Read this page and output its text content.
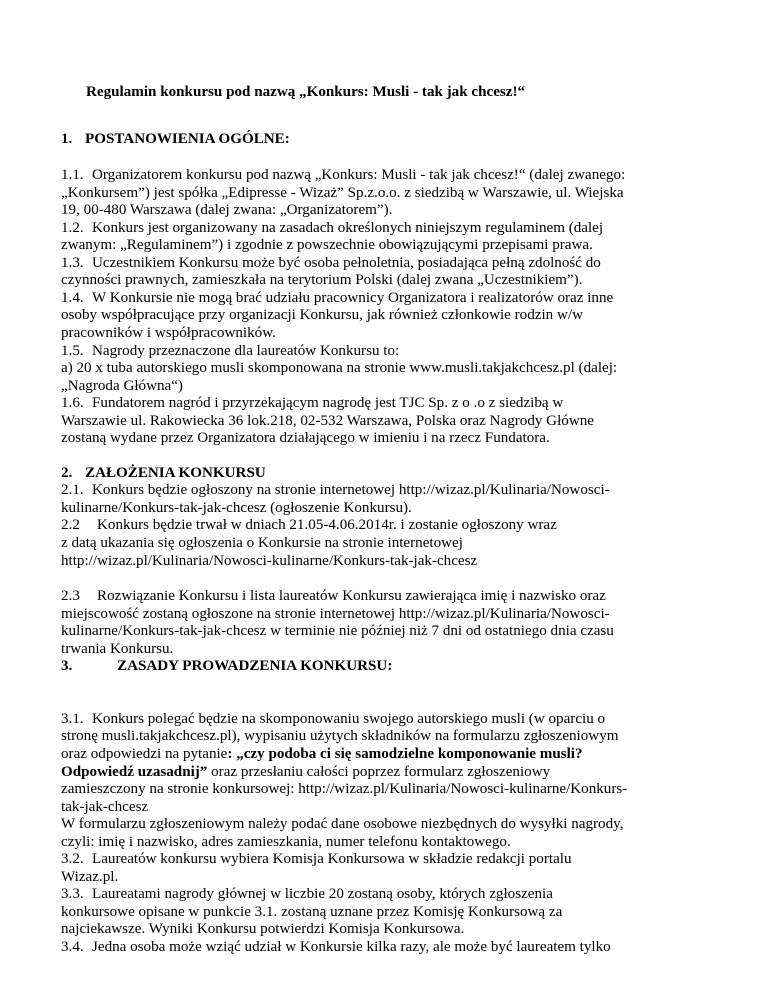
Regulamin konkursu pod nazwą „Konkurs: Musli - tak jak chcesz!“

1. POSTANOWIENIA OGÓLNE:

1.1. Organizatorem konkursu pod nazwą „Konkurs: Musli - tak jak chcesz!“ (dalej zwanego:

„Konkursem”) jest spółka „Edipresse - Wizaż” Sp.z.o.o. z siedzibą w Warszawie, ul. Wiejska

19, 00-480 Warszawa (dalej zwana: „Organizatorem”).

1.2. Konkurs jest organizowany na zasadach określonych niniejszym regulaminem (dalej

zwanym: „Regulaminem”) i zgodnie z powszechnie obowiązującymi przepisami prawa.

1.3. Uczestnikiem Konkursu może być osoba pełnoletnia, posiadająca pełną zdolność do

czynności prawnych, zamieszkała na terytorium Polski (dalej zwana „Uczestnikiem”).

1.4. W Konkursie nie mogą brać udziału pracownicy Organizatora i realizatorów oraz inne

osoby współpracujące przy organizacji Konkursu, jak również członkowie rodzin w/w

pracowników i współpracowników.

1.5. Nagrody przeznaczone dla laureatów Konkursu to:

a) 20 x tuba autorskiego musli skomponowana na stronie www.musli.takjakchcesz.pl (dalej:

„Nagroda Główna“)

1.6. Fundatorem nagród i przyrzekającym nagrodę jest TJC Sp. z o .o z siedzibą w

Warszawie ul. Rakowiecka 36 lok.218, 02-532 Warszawa, Polska oraz Nagrody Główne

zostaną wydane przez Organizatora działającego w imieniu i na rzecz Fundatora.

2. ZAŁOŻENIA KONKURSU

2.1. Konkurs będzie ogłoszony na stronie internetowej http://wizaz.pl/Kulinaria/Nowosci-

kulinarne/Konkurs-tak-jak-chcesz (ogłoszenie Konkursu).

2.2 Konkurs będzie trwał w dniach 21.05-4.06.2014r. i zostanie ogłoszony wraz

z datą ukazania się ogłoszenia o Konkursie na stronie internetowej

http://wizaz.pl/Kulinaria/Nowosci-kulinarne/Konkurs-tak-jak-chcesz

2.3 Rozwiązanie Konkursu i lista laureatów Konkursu zawierająca imię i nazwisko oraz

miejscowość zostaną ogłoszone na stronie internetowej http://wizaz.pl/Kulinaria/Nowosci-

kulinarne/Konkurs-tak-jak-chcesz w terminie nie później niż 7 dni od ostatniego dnia czasu

trwania Konkursu.

3.	ZASADY PROWADZENIA KONKURSU:

3.1. Konkurs polegać będzie na skomponowaniu swojego autorskiego musli (w oparciu o

stronę musli.takjakchcesz.pl), wypisaniu użytych składników na formularzu zgłoszeniowym

oraz odpowiedzi na pytanie: „czy podoba ci się samodzielne komponowanie musli?

Odpowiedź uzasadnij” oraz przesłaniu całości poprzez formularz zgłoszeniowy

zamieszczony na stronie konkursowej: http://wizaz.pl/Kulinaria/Nowosci-kulinarne/Konkurs-

tak-jak-chcesz

W formularzu zgłoszeniowym należy podać dane osobowe niezbędnych do wysyłki nagrody,

czyli: imię i nazwisko, adres zamieszkania, numer telefonu kontaktowego.

3.2. Laureatów konkursu wybiera Komisja Konkursowa w składzie redakcji portalu

Wizaz.pl.

3.3. Laureatami nagrody głównej w liczbie 20 zostaną osoby, których zgłoszenia

konkursowe opisane w punkcie 3.1. zostaną uznane przez Komisję Konkursową za

najciekawsze. Wyniki Konkursu potwierdzi Komisja Konkursowa.

3.4. Jedna osoba może wziąć udział w Konkursie kilka razy, ale może być laureatem tylko
